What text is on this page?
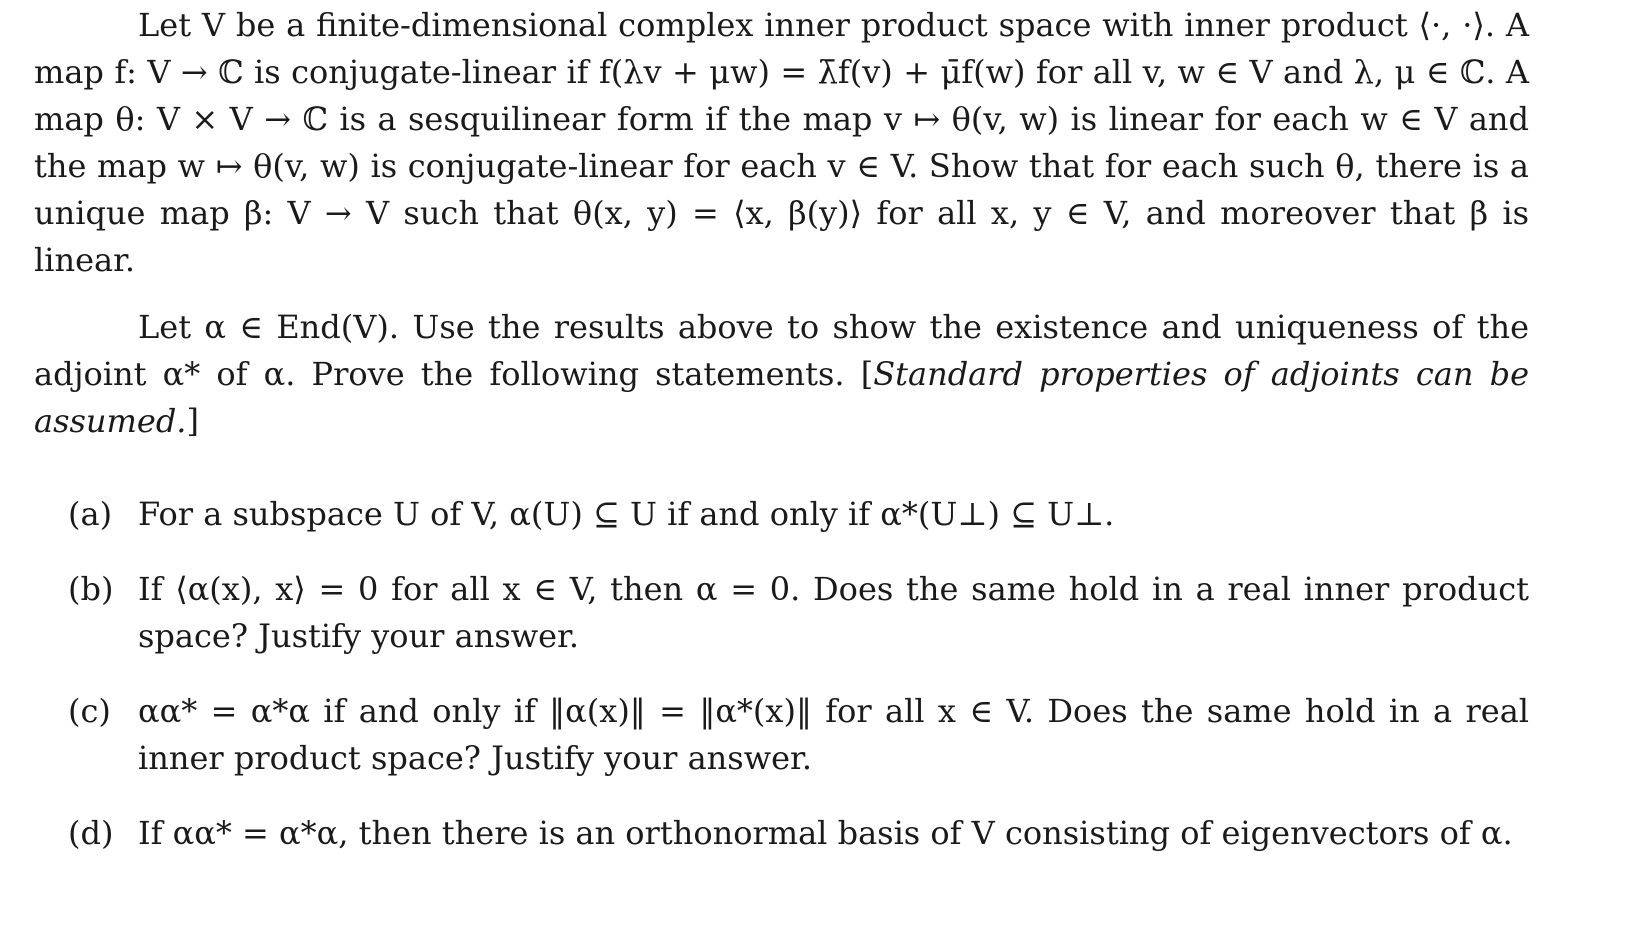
Let V be a finite-dimensional complex inner product space with inner product ⟨·, ·⟩. A map f: V → ℂ is conjugate-linear if f(λv + μw) = λ̄f(v) + μ̄f(w) for all v, w ∈ V and λ, μ ∈ ℂ. A map θ: V × V → ℂ is a sesquilinear form if the map v ↦ θ(v, w) is linear for each w ∈ V and the map w ↦ θ(v, w) is conjugate-linear for each v ∈ V. Show that for each such θ, there is a unique map β: V → V such that θ(x, y) = ⟨x, β(y)⟩ for all x, y ∈ V, and moreover that β is linear.

Let α ∈ End(V). Use the results above to show the existence and uniqueness of the adjoint α* of α. Prove the following statements. [Standard properties of adjoints can be assumed.]

(a) For a subspace U of V, α(U) ⊆ U if and only if α*(U⊥) ⊆ U⊥.
(b) If ⟨α(x), x⟩ = 0 for all x ∈ V, then α = 0. Does the same hold in a real inner product space? Justify your answer.
(c) αα* = α*α if and only if ‖α(x)‖ = ‖α*(x)‖ for all x ∈ V. Does the same hold in a real inner product space? Justify your answer.
(d) If αα* = α*α, then there is an orthonormal basis of V consisting of eigenvectors of α.
